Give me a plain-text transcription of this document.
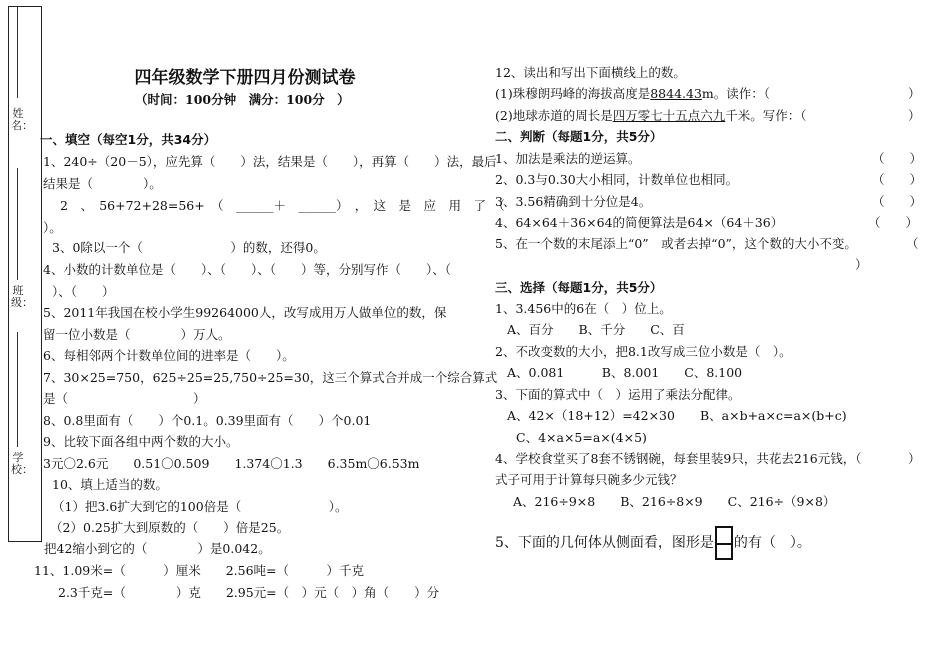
姓名：
班级：
学校：
四年级数学下册四月份测试卷
（时间：100分钟　满分：100分　）
一、填空（每空1分，共34分）
1、240÷（20－5），应先算（　　）法，结果是（　　），再算（　　）法，最后
结果是（　　　　）。
2　、　56+72+28=56+　（　______＋　______）　，　这　是　应　用　了　（
）。
3、0除以一个（　　　　　　　）的数，还得0。
4、小数的计数单位是（　　）、（　　）、（　　）等，分别写作（　　）、（
）、（　　）
5、2011年我国在校小学生99264000人，改写成用万人做单位的数，保
留一位小数是（　　　　）万人。
6、每相邻两个计数单位间的进率是（　　）。
7、30×25=750，625÷25=25,750÷25=30，这三个算式合并成一个综合算式
是（　　　　　　　　　　）
8、0.8里面有（　　）个0.1。0.39里面有（　　）个0.01
9、比较下面各组中两个数的大小。
3元〇2.6元　　0.51〇0.509　　1.374〇1.3　　6.35m〇6.53m
10、填上适当的数。
（1）把3.6扩大到它的100倍是（　　　　　　　）。
（2）0.25扩大到原数的（　　）倍是25。
把42缩小到它的（　　　　）是0.042。
11、1.09米=（　　　）厘米　　2.56吨=（　　　）千克
2.3千克=（　　　　）克　　2.95元=（　）元（　）角（　　）分
12、读出和写出下面横线上的数。
(1)珠穆朗玛峰的海拔高度是8844.43m。读作：（	）
(2)地球赤道的周长是四万零七十五点六九千米。写作：（	）
二、判断（每题1分，共5分）
1、加法是乘法的逆运算。	（　　）
2、0.3与0.30大小相同，计数单位也相同。	（　　）
3、3.56精确到十分位是4。	（　　）
4、64×64＋36×64的简便算法是64×（64＋36）	（　　）
5、在一个数的末尾添上“0”　或者去掉“0”，这个数的大小不变。	（
）
三、选择（每题1分，共5分）
1、3.456中的6在（　）位上。
A、百分　　B、千分　　C、百
2、不改变数的大小，把8.1改写成三位小数是（　）。
A、0.081　　　B、8.001　　C、8.100
3、下面的算式中（　）运用了乘法分配律。
A、42×（18+12）=42×30　　B、a×b+a×c=a×(b+c)
C、4×a×5=a×(4×5)
4、学校食堂买了8套不锈钢碗，每套里装9只，共花去216元钱，（	）
式子可用于计算每只碗多少元钱？
A、216÷9×8　　B、216÷8×9　　C、216÷（9×8）
5、下面的几何体从侧面看，图形是 的有（　）。
